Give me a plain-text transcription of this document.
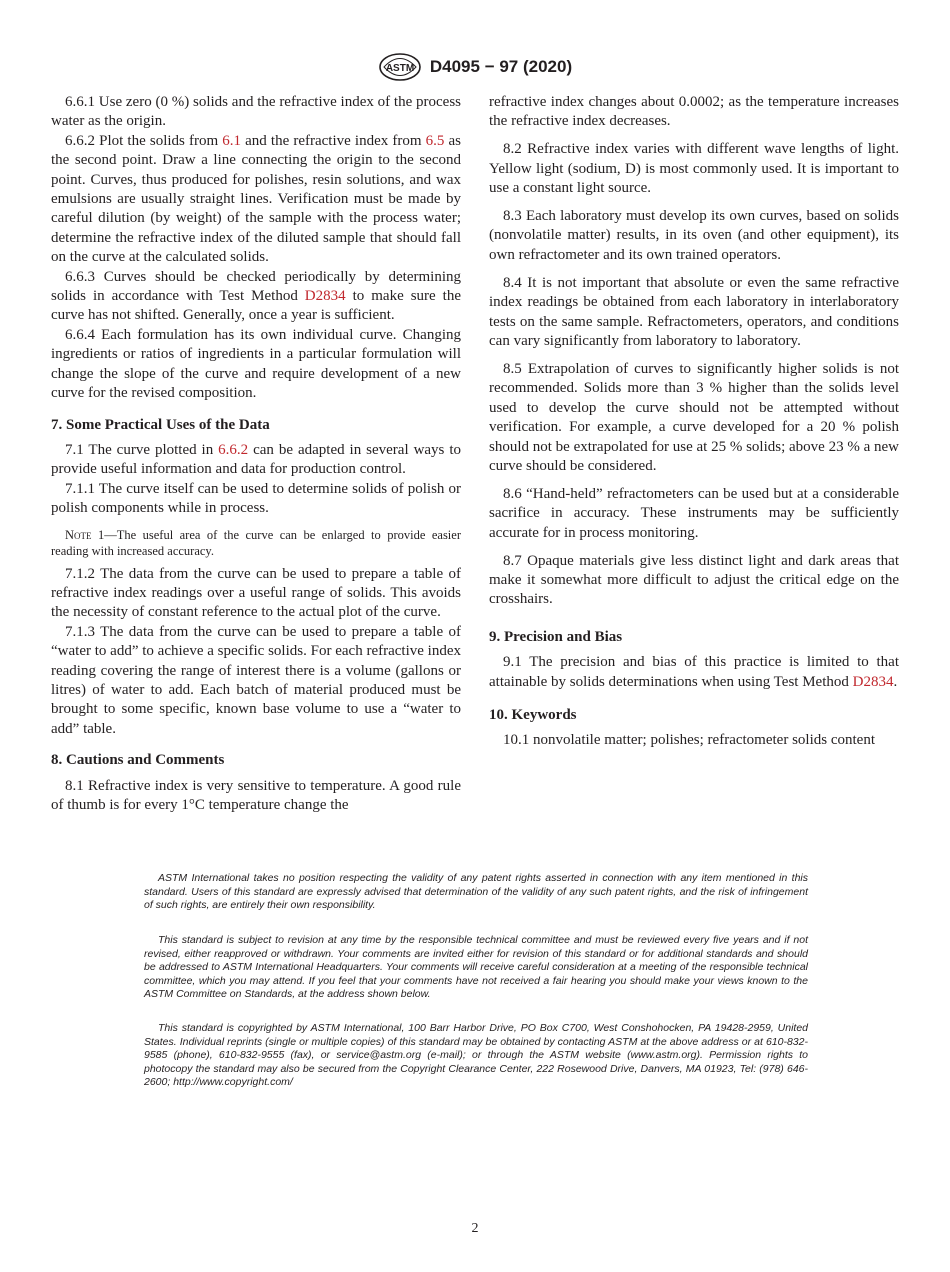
ASTM D4095 − 97 (2020)

6.6.1 Use zero (0 %) solids and the refractive index of the process water as the origin.

6.6.2 Plot the solids from 6.1 and the refractive index from 6.5 as the second point. Draw a line connecting the origin to the second point. Curves, thus produced for polishes, resin solutions, and wax emulsions are usually straight lines. Verification must be made by careful dilution (by weight) of the sample with the process water; determine the refractive index of the diluted sample that should fall on the curve at the calculated solids.

6.6.3 Curves should be checked periodically by determining solids in accordance with Test Method D2834 to make sure the curve has not shifted. Generally, once a year is sufficient.

6.6.4 Each formulation has its own individual curve. Changing ingredients or ratios of ingredients in a particular formulation will change the slope of the curve and require development of a new curve for the revised composition.

7. Some Practical Uses of the Data

7.1 The curve plotted in 6.6.2 can be adapted in several ways to provide useful information and data for production control.

7.1.1 The curve itself can be used to determine solids of polish or polish components while in process.

Note 1—The useful area of the curve can be enlarged to provide easier reading with increased accuracy.

7.1.2 The data from the curve can be used to prepare a table of refractive index readings over a useful range of solids. This avoids the necessity of constant reference to the actual plot of the curve.

7.1.3 The data from the curve can be used to prepare a table of “water to add” to achieve a specific solids. For each refractive index reading covering the range of interest there is a volume (gallons or litres) of water to add. Each batch of material produced must be brought to some specific, known base volume to use a “water to add” table.

8. Cautions and Comments

8.1 Refractive index is very sensitive to temperature. A good rule of thumb is for every 1°C temperature change the

refractive index changes about 0.0002; as the temperature increases the refractive index decreases.

8.2 Refractive index varies with different wave lengths of light. Yellow light (sodium, D) is most commonly used. It is important to use a constant light source.

8.3 Each laboratory must develop its own curves, based on solids (nonvolatile matter) results, in its oven (and other equipment), its own refractometer and its own trained operators.

8.4 It is not important that absolute or even the same refractive index readings be obtained from each laboratory in interlaboratory tests on the same sample. Refractometers, operators, and conditions can vary significantly from laboratory to laboratory.

8.5 Extrapolation of curves to significantly higher solids is not recommended. Solids more than 3 % higher than the solids level used to develop the curve should not be attempted without verification. For example, a curve developed for a 20 % polish should not be extrapolated for use at 25 % solids; above 23 % a new curve should be considered.

8.6 “Hand-held” refractometers can be used but at a considerable sacrifice in accuracy. These instruments may be sufficiently accurate for in process monitoring.

8.7 Opaque materials give less distinct light and dark areas that make it somewhat more difficult to adjust the critical edge on the crosshairs.

9. Precision and Bias

9.1 The precision and bias of this practice is limited to that attainable by solids determinations when using Test Method D2834.

10. Keywords

10.1 nonvolatile matter; polishes; refractometer solids content

ASTM International takes no position respecting the validity of any patent rights asserted in connection with any item mentioned in this standard. Users of this standard are expressly advised that determination of the validity of any such patent rights, and the risk of infringement of such rights, are entirely their own responsibility.

This standard is subject to revision at any time by the responsible technical committee and must be reviewed every five years and if not revised, either reapproved or withdrawn. Your comments are invited either for revision of this standard or for additional standards and should be addressed to ASTM International Headquarters. Your comments will receive careful consideration at a meeting of the responsible technical committee, which you may attend. If you feel that your comments have not received a fair hearing you should make your views known to the ASTM Committee on Standards, at the address shown below.

This standard is copyrighted by ASTM International, 100 Barr Harbor Drive, PO Box C700, West Conshohocken, PA 19428-2959, United States. Individual reprints (single or multiple copies) of this standard may be obtained by contacting ASTM at the above address or at 610-832-9585 (phone), 610-832-9555 (fax), or service@astm.org (e-mail); or through the ASTM website (www.astm.org). Permission rights to photocopy the standard may also be secured from the Copyright Clearance Center, 222 Rosewood Drive, Danvers, MA 01923, Tel: (978) 646-2600; http://www.copyright.com/

2
